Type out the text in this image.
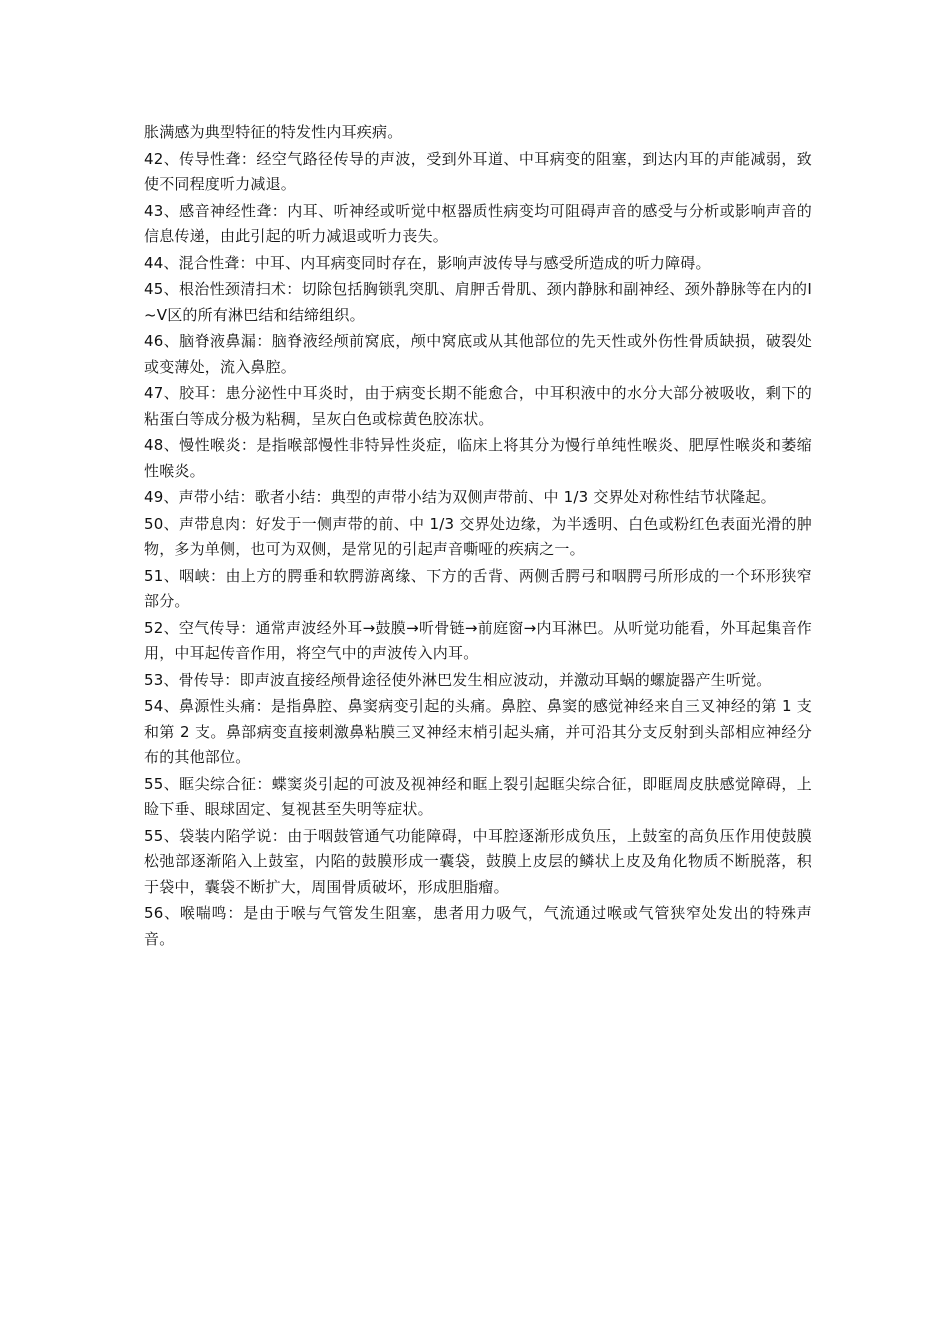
胀满感为典型特征的特发性内耳疾病。

42、传导性聋：经空气路径传导的声波，受到外耳道、中耳病变的阻塞，到达内耳的声能减弱，致使不同程度听力减退。

43、感音神经性聋：内耳、听神经或听觉中枢器质性病变均可阻碍声音的感受与分析或影响声音的信息传递，由此引起的听力减退或听力丧失。

44、混合性聋：中耳、内耳病变同时存在，影响声波传导与感受所造成的听力障碍。

45、根治性颈清扫术：切除包括胸锁乳突肌、肩胛舌骨肌、颈内静脉和副神经、颈外静脉等在内的Ⅰ~Ⅴ区的所有淋巴结和结缔组织。

46、脑脊液鼻漏：脑脊液经颅前窝底，颅中窝底或从其他部位的先天性或外伤性骨质缺损，破裂处或变薄处，流入鼻腔。

47、胶耳：患分泌性中耳炎时，由于病变长期不能愈合，中耳积液中的水分大部分被吸收，剩下的粘蛋白等成分极为粘稠，呈灰白色或棕黄色胶冻状。

48、慢性喉炎：是指喉部慢性非特异性炎症，临床上将其分为慢行单纯性喉炎、肥厚性喉炎和萎缩性喉炎。

49、声带小结：歌者小结：典型的声带小结为双侧声带前、中 1/3 交界处对称性结节状隆起。

50、声带息肉：好发于一侧声带的前、中 1/3 交界处边缘，为半透明、白色或粉红色表面光滑的肿物，多为单侧，也可为双侧，是常见的引起声音嘶哑的疾病之一。

51、咽峡：由上方的腭垂和软腭游离缘、下方的舌背、两侧舌腭弓和咽腭弓所形成的一个环形狭窄部分。

52、空气传导：通常声波经外耳→鼓膜→听骨链→前庭窗→内耳淋巴。从听觉功能看，外耳起集音作用，中耳起传音作用，将空气中的声波传入内耳。

53、骨传导：即声波直接经颅骨途径使外淋巴发生相应波动，并激动耳蜗的螺旋器产生听觉。

54、鼻源性头痛：是指鼻腔、鼻窦病变引起的头痛。鼻腔、鼻窦的感觉神经来自三叉神经的第 1 支和第 2 支。鼻部病变直接刺激鼻粘膜三叉神经末梢引起头痛，并可沿其分支反射到头部相应神经分布的其他部位。

55、眶尖综合征：蝶窦炎引起的可波及视神经和眶上裂引起眶尖综合征，即眶周皮肤感觉障碍，上睑下垂、眼球固定、复视甚至失明等症状。

55、袋装内陷学说：由于咽鼓管通气功能障碍，中耳腔逐渐形成负压，上鼓室的高负压作用使鼓膜松弛部逐渐陷入上鼓室，内陷的鼓膜形成一囊袋，鼓膜上皮层的鳞状上皮及角化物质不断脱落，积于袋中，囊袋不断扩大，周围骨质破坏，形成胆脂瘤。

56、喉喘鸣：是由于喉与气管发生阻塞，患者用力吸气，气流通过喉或气管狭窄处发出的特殊声音。
